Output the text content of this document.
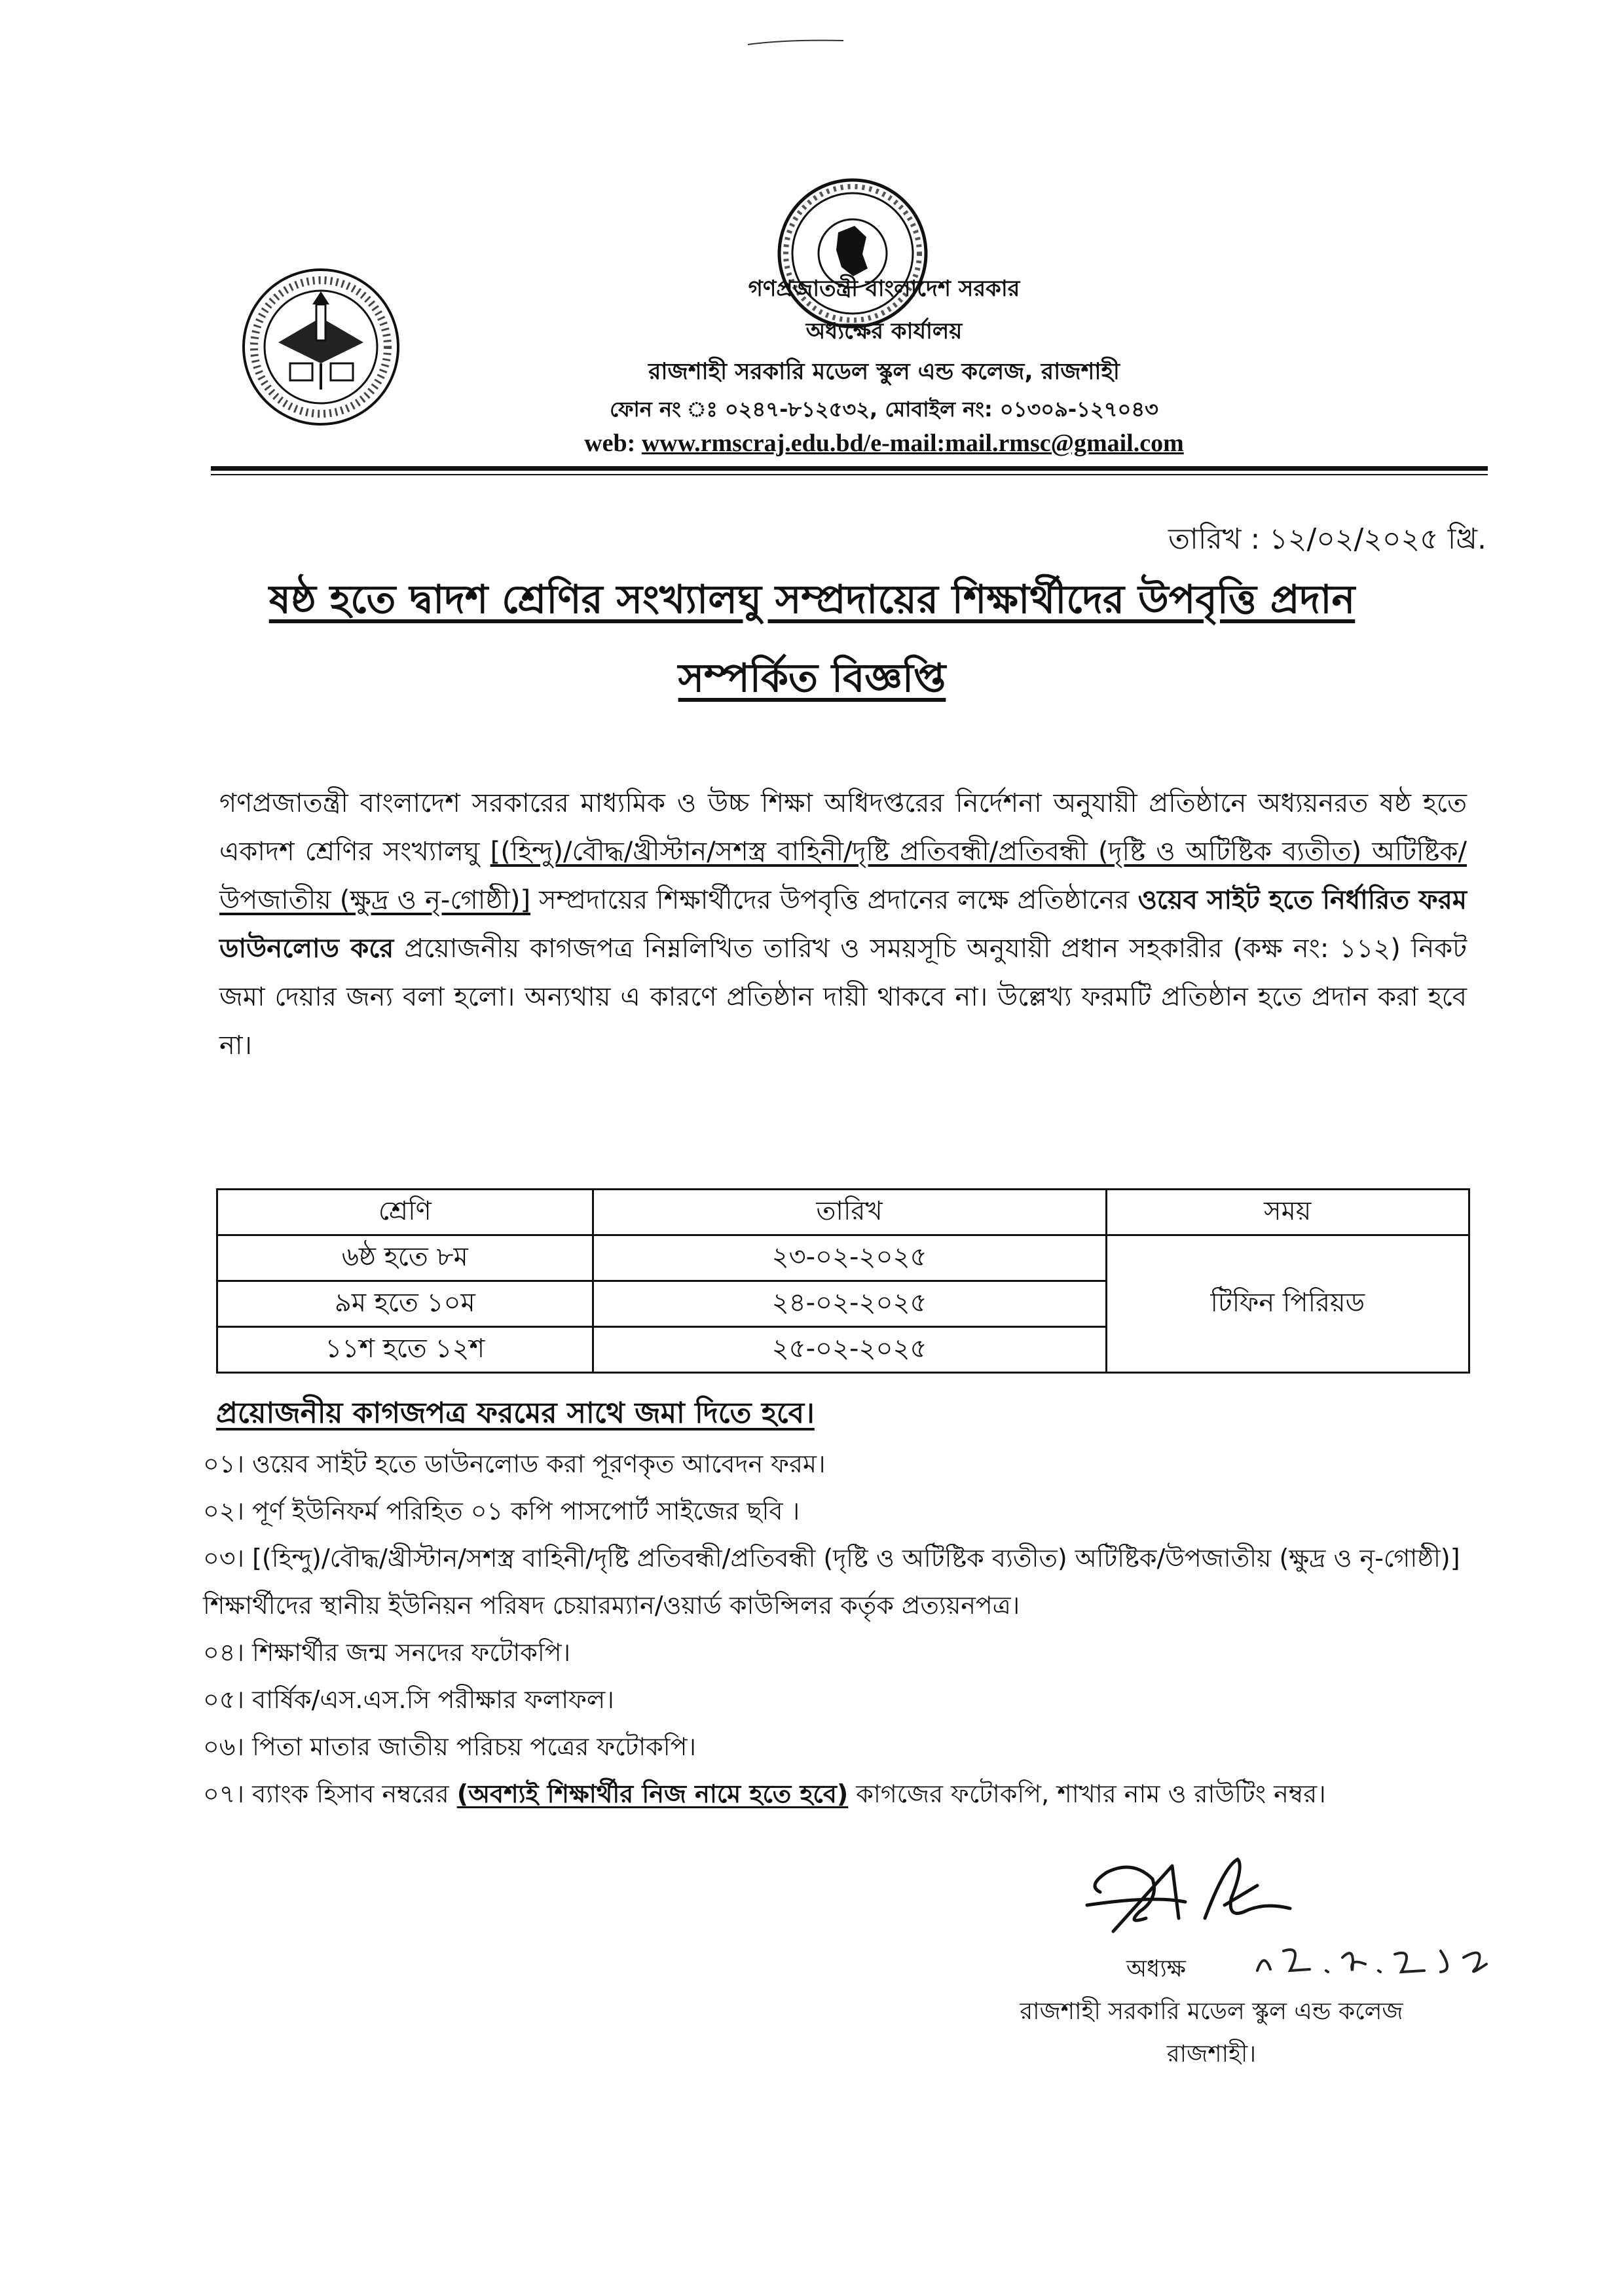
গণপ্রজাতন্ত্রী বাংলাদেশ সরকার
অধ্যক্ষের কার্যালয়
রাজশাহী সরকারি মডেল স্কুল এন্ড কলেজ, রাজশাহী
ফোন নং ঃ ০২৪৭-৮১২৫৩২, মোবাইল নং: ০১৩০৯-১২৭০৪৩
web: www.rmscraj.edu.bd/e-mail:mail.rmsc@gmail.com
তারিখ : ১২/০২/২০২৫ খ্রি.
ষষ্ঠ হতে দ্বাদশ শ্রেণির সংখ্যালঘু সম্প্রদায়ের শিক্ষার্থীদের উপবৃত্তি প্রদান
সম্পর্কিত বিজ্ঞপ্তি
গণপ্রজাতন্ত্রী বাংলাদেশ সরকারের মাধ্যমিক ও উচ্চ শিক্ষা অধিদপ্তরের নির্দেশনা অনুযায়ী প্রতিষ্ঠানে অধ্যয়নরত ষষ্ঠ হতে একাদশ শ্রেণির সংখ্যালঘু [(হিন্দু)/বৌদ্ধ/খ্রীস্টান/সশস্ত্র বাহিনী/দৃষ্টি প্রতিবন্ধী/প্রতিবন্ধী (দৃষ্টি ও অটিষ্টিক ব্যতীত) অটিষ্টিক/উপজাতীয় (ক্ষুদ্র ও নৃ-গোষ্ঠী)] সম্প্রদায়ের শিক্ষার্থীদের উপবৃত্তি প্রদানের লক্ষে প্রতিষ্ঠানের ওয়েব সাইট হতে নির্ধারিত ফরম ডাউনলোড করে প্রয়োজনীয় কাগজপত্র নিম্নলিখিত তারিখ ও সময়সূচি অনুযায়ী প্রধান সহকারীর (কক্ষ নং: ১১২) নিকট জমা দেয়ার জন্য বলা হলো। অন্যথায় এ কারণে প্রতিষ্ঠান দায়ী থাকবে না। উল্লেখ্য ফরমটি প্রতিষ্ঠান হতে প্রদান করা হবে না।
শ্রেণি	তারিখ	সময়
৬ষ্ঠ হতে ৮ম	২৩-০২-২০২৫	টিফিন পিরিয়ড
৯ম হতে ১০ম	২৪-০২-২০২৫	
১১শ হতে ১২শ	২৫-০২-২০২৫	
প্রয়োজনীয় কাগজপত্র ফরমের সাথে জমা দিতে হবে।
০১। ওয়েব সাইট হতে ডাউনলোড করা পূরণকৃত আবেদন ফরম।
০২। পূর্ণ ইউনিফর্ম পরিহিত ০১ কপি পাসপোর্ট সাইজের ছবি ।
০৩। [(হিন্দু)/বৌদ্ধ/খ্রীস্টান/সশস্ত্র বাহিনী/দৃষ্টি প্রতিবন্ধী/প্রতিবন্ধী (দৃষ্টি ও অটিষ্টিক ব্যতীত) অটিষ্টিক/উপজাতীয় (ক্ষুদ্র ও নৃ-গোষ্ঠী)] শিক্ষার্থীদের স্থানীয় ইউনিয়ন পরিষদ চেয়ারম্যান/ওয়ার্ড কাউন্সিলর কর্তৃক প্রত্যয়নপত্র।
০৪। শিক্ষার্থীর জন্ম সনদের ফটোকপি।
০৫। বার্ষিক/এস.এস.সি পরীক্ষার ফলাফল।
০৬। পিতা মাতার জাতীয় পরিচয় পত্রের ফটোকপি।
০৭। ব্যাংক হিসাব নম্বরের (অবশ্যই শিক্ষার্থীর নিজ নামে হতে হবে) কাগজের ফটোকপি, শাখার নাম ও রাউটিং নম্বর।
অধ্যক্ষ
রাজশাহী সরকারি মডেল স্কুল এন্ড কলেজ
রাজশাহী।
